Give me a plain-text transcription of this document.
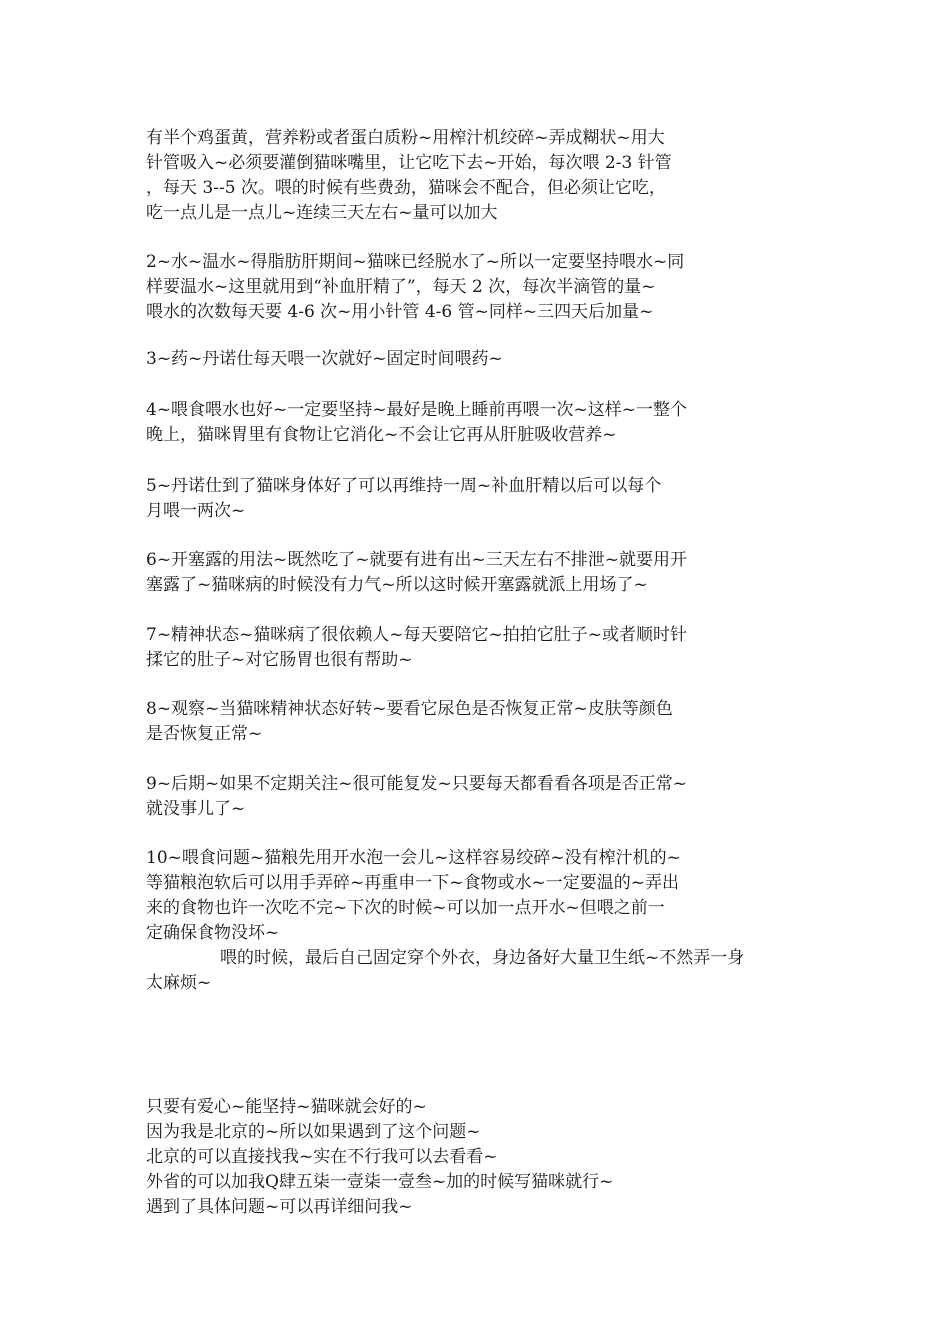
有半个鸡蛋黄，营养粉或者蛋白质粉~用榨汁机绞碎~弄成糊状~用大
针管吸入~必须要灌倒猫咪嘴里，让它吃下去~开始，每次喂 2-3 针管
，每天 3--5 次。喂的时候有些费劲，猫咪会不配合，但必须让它吃，
吃一点儿是一点儿~连续三天左右~量可以加大
2~水~温水~得脂肪肝期间~猫咪已经脱水了~所以一定要坚持喂水~同
样要温水~这里就用到“补血肝精了”，每天 2 次，每次半滴管的量~
喂水的次数每天要 4-6 次~用小针管 4-6 管~同样~三四天后加量~
3~药~丹诺仕每天喂一次就好~固定时间喂药~
4~喂食喂水也好~一定要坚持~最好是晚上睡前再喂一次~这样~一整个
晚上，猫咪胃里有食物让它消化~不会让它再从肝脏吸收营养~
5~丹诺仕到了猫咪身体好了可以再维持一周~补血肝精以后可以每个
月喂一两次~
6~开塞露的用法~既然吃了~就要有进有出~三天左右不排泄~就要用开
塞露了~猫咪病的时候没有力气~所以这时候开塞露就派上用场了~
7~精神状态~猫咪病了很依赖人~每天要陪它~拍拍它肚子~或者顺时针
揉它的肚子~对它肠胃也很有帮助~
8~观察~当猫咪精神状态好转~要看它尿色是否恢复正常~皮肤等颜色
是否恢复正常~
9~后期~如果不定期关注~很可能复发~只要每天都看看各项是否正常~
就没事儿了~
10~喂食问题~猫粮先用开水泡一会儿~这样容易绞碎~没有榨汁机的~
等猫粮泡软后可以用手弄碎~再重申一下~食物或水~一定要温的~弄出
来的食物也许一次吃不完~下次的时候~可以加一点开水~但喂之前一
定确保食物没坏~
喂的时候，最后自己固定穿个外衣，身边备好大量卫生纸~不然弄一身
太麻烦~
只要有爱心~能坚持~猫咪就会好的~
因为我是北京的~所以如果遇到了这个问题~
北京的可以直接找我~实在不行我可以去看看~
外省的可以加我Q肆五柒一壹柒一壹叁~加的时候写猫咪就行~
遇到了具体问题~可以再详细问我~
